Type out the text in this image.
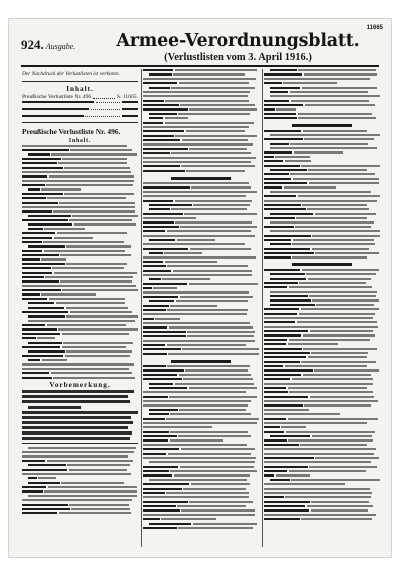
11665
924. Ausgabe.	Armee-Verordnungsblatt.
(Verlustlisten vom 3. April 1916.)
Der Nachdruck der Verlustlisten ist verboten.
Inhalt.
Preußische Verlustliste Nr. 496	S. 11665.
Preußische Verlustliste Nr. 496.
Inhalt.
Vorbemerkung.
